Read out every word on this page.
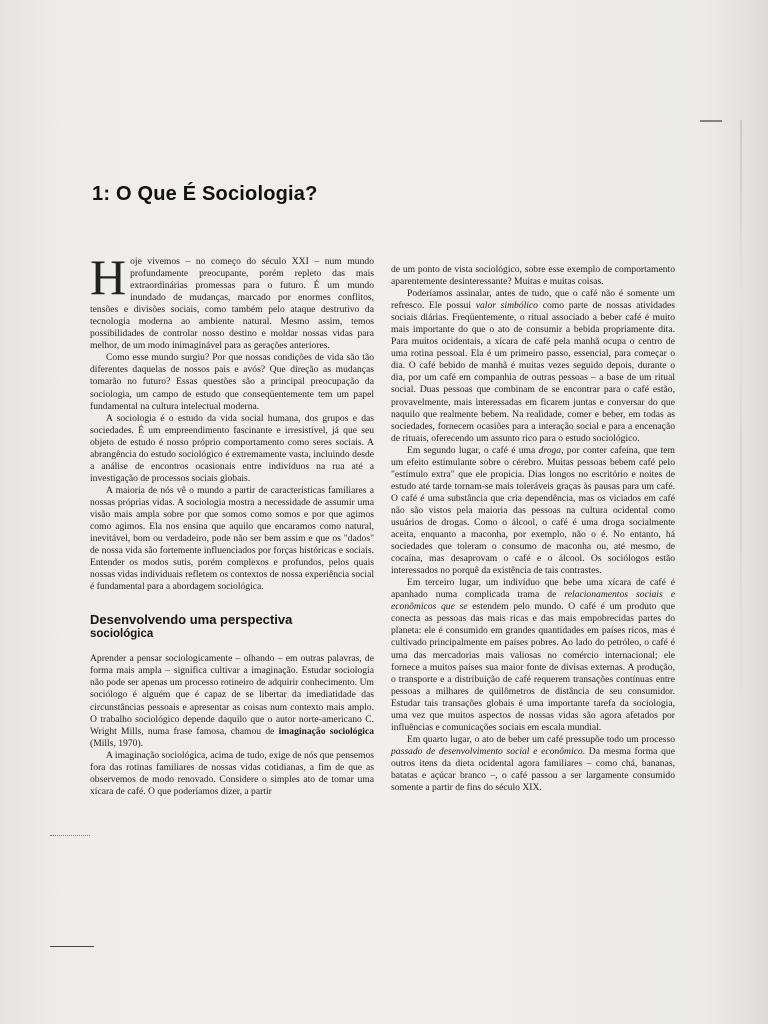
1: O Que É Sociologia?

Hoje vivemos – no começo do século XXI – num mundo profundamente preocupante, porém repleto das mais extraordinárias promessas para o futuro. É um mundo inundado de mudanças, marcado por enormes conflitos, tensões e divisões sociais, como também pelo ataque destrutivo da tecnologia moderna ao ambiente natural. Mesmo assim, temos possibilidades de controlar nosso destino e moldar nossas vidas para melhor, de um modo inimaginável para as gerações anteriores.

Como esse mundo surgiu? Por que nossas condições de vida são tão diferentes daquelas de nossos pais e avós? Que direção as mudanças tomarão no futuro? Essas questões são a principal preocupação da sociologia, um campo de estudo que conseqüentemente tem um papel fundamental na cultura intelectual moderna.

A sociologia é o estudo da vida social humana, dos grupos e das sociedades. É um empreendimento fascinante e irresistível, já que seu objeto de estudo é nosso próprio comportamento como seres sociais. A abrangência do estudo sociológico é extremamente vasta, incluindo desde a análise de encontros ocasionais entre indivíduos na rua até a investigação de processos sociais globais.

A maioria de nós vê o mundo a partir de características familiares a nossas próprias vidas. A sociologia mostra a necessidade de assumir uma visão mais ampla sobre por que somos como somos e por que agimos como agimos. Ela nos ensina que aquilo que encaramos como natural, inevitável, bom ou verdadeiro, pode não ser bem assim e que os "dados" de nossa vida são fortemente influenciados por forças históricas e sociais. Entender os modos sutis, porém complexos e profundos, pelos quais nossas vidas individuais refletem os contextos de nossa experiência social é fundamental para a abordagem sociológica.

Desenvolvendo uma perspectiva
sociológica

Aprender a pensar sociologicamente – olhando – em outras palavras, de forma mais ampla – significa cultivar a imaginação. Estudar sociologia não pode ser apenas um processo rotineiro de adquirir conhecimento. Um sociólogo é alguém que é capaz de se libertar da imediatidade das circunstâncias pessoais e apresentar as coisas num contexto mais amplo. O trabalho sociológico depende daquilo que o autor norte-americano C. Wright Mills, numa frase famosa, chamou de imaginação sociológica (Mills, 1970).

A imaginação sociológica, acima de tudo, exige de nós que pensemos fora das rotinas familiares de nossas vidas cotidianas, a fim de que as observemos de modo renovado. Considere o simples ato de tomar uma xícara de café. O que poderíamos dizer, a partir

de um ponto de vista sociológico, sobre esse exemplo de comportamento aparentemente desinteressante? Muitas e muitas coisas.

Poderíamos assinalar, antes de tudo, que o café não é somente um refresco. Ele possui valor simbólico como parte de nossas atividades sociais diárias. Freqüentemente, o ritual associado a beber café é muito mais importante do que o ato de consumir a bebida propriamente dita. Para muitos ocidentais, a xícara de café pela manhã ocupa o centro de uma rotina pessoal. Ela é um primeiro passo, essencial, para começar o dia. O café bebido de manhã é muitas vezes seguido depois, durante o dia, por um café em companhia de outras pessoas – a base de um ritual social. Duas pessoas que combinam de se encontrar para o café estão, provavelmente, mais interessadas em ficarem juntas e conversar do que naquilo que realmente bebem. Na realidade, comer e beber, em todas as sociedades, fornecem ocasiões para a interação social e para a encenação de rituais, oferecendo um assunto rico para o estudo sociológico.

Em segundo lugar, o café é uma droga, por conter cafeína, que tem um efeito estimulante sobre o cérebro. Muitas pessoas bebem café pelo "estímulo extra" que ele propicia. Dias longos no escritório e noites de estudo até tarde tornam-se mais toleráveis graças às pausas para um café. O café é uma substância que cria dependência, mas os viciados em café não são vistos pela maioria das pessoas na cultura ocidental como usuários de drogas. Como o álcool, o café é uma droga socialmente aceita, enquanto a maconha, por exemplo, não o é. No entanto, há sociedades que toleram o consumo de maconha ou, até mesmo, de cocaína, mas desaprovam o café e o álcool. Os sociólogos estão interessados no porquê da existência de tais contrastes.

Em terceiro lugar, um indivíduo que bebe uma xícara de café é apanhado numa complicada trama de relacionamentos sociais e econômicos que se estendem pelo mundo. O café é um produto que conecta as pessoas das mais ricas e das mais empobrecidas partes do planeta: ele é consumido em grandes quantidades em países ricos, mas é cultivado principalmente em países pobres. Ao lado do petróleo, o café é uma das mercadorias mais valiosas no comércio internacional; ele fornece a muitos países sua maior fonte de divisas externas. A produção, o transporte e a distribuição de café requerem transações contínuas entre pessoas a milhares de quilômetros de distância de seu consumidor. Estudar tais transações globais é uma importante tarefa da sociologia, uma vez que muitos aspectos de nossas vidas são agora afetados por influências e comunicações sociais em escala mundial.

Em quarto lugar, o ato de beber um café pressupõe todo um processo passado de desenvolvimento social e econômico. Da mesma forma que outros itens da dieta ocidental agora familiares – como chá, bananas, batatas e açúcar branco –, o café passou a ser largamente consumido somente a partir de fins do século XIX.
